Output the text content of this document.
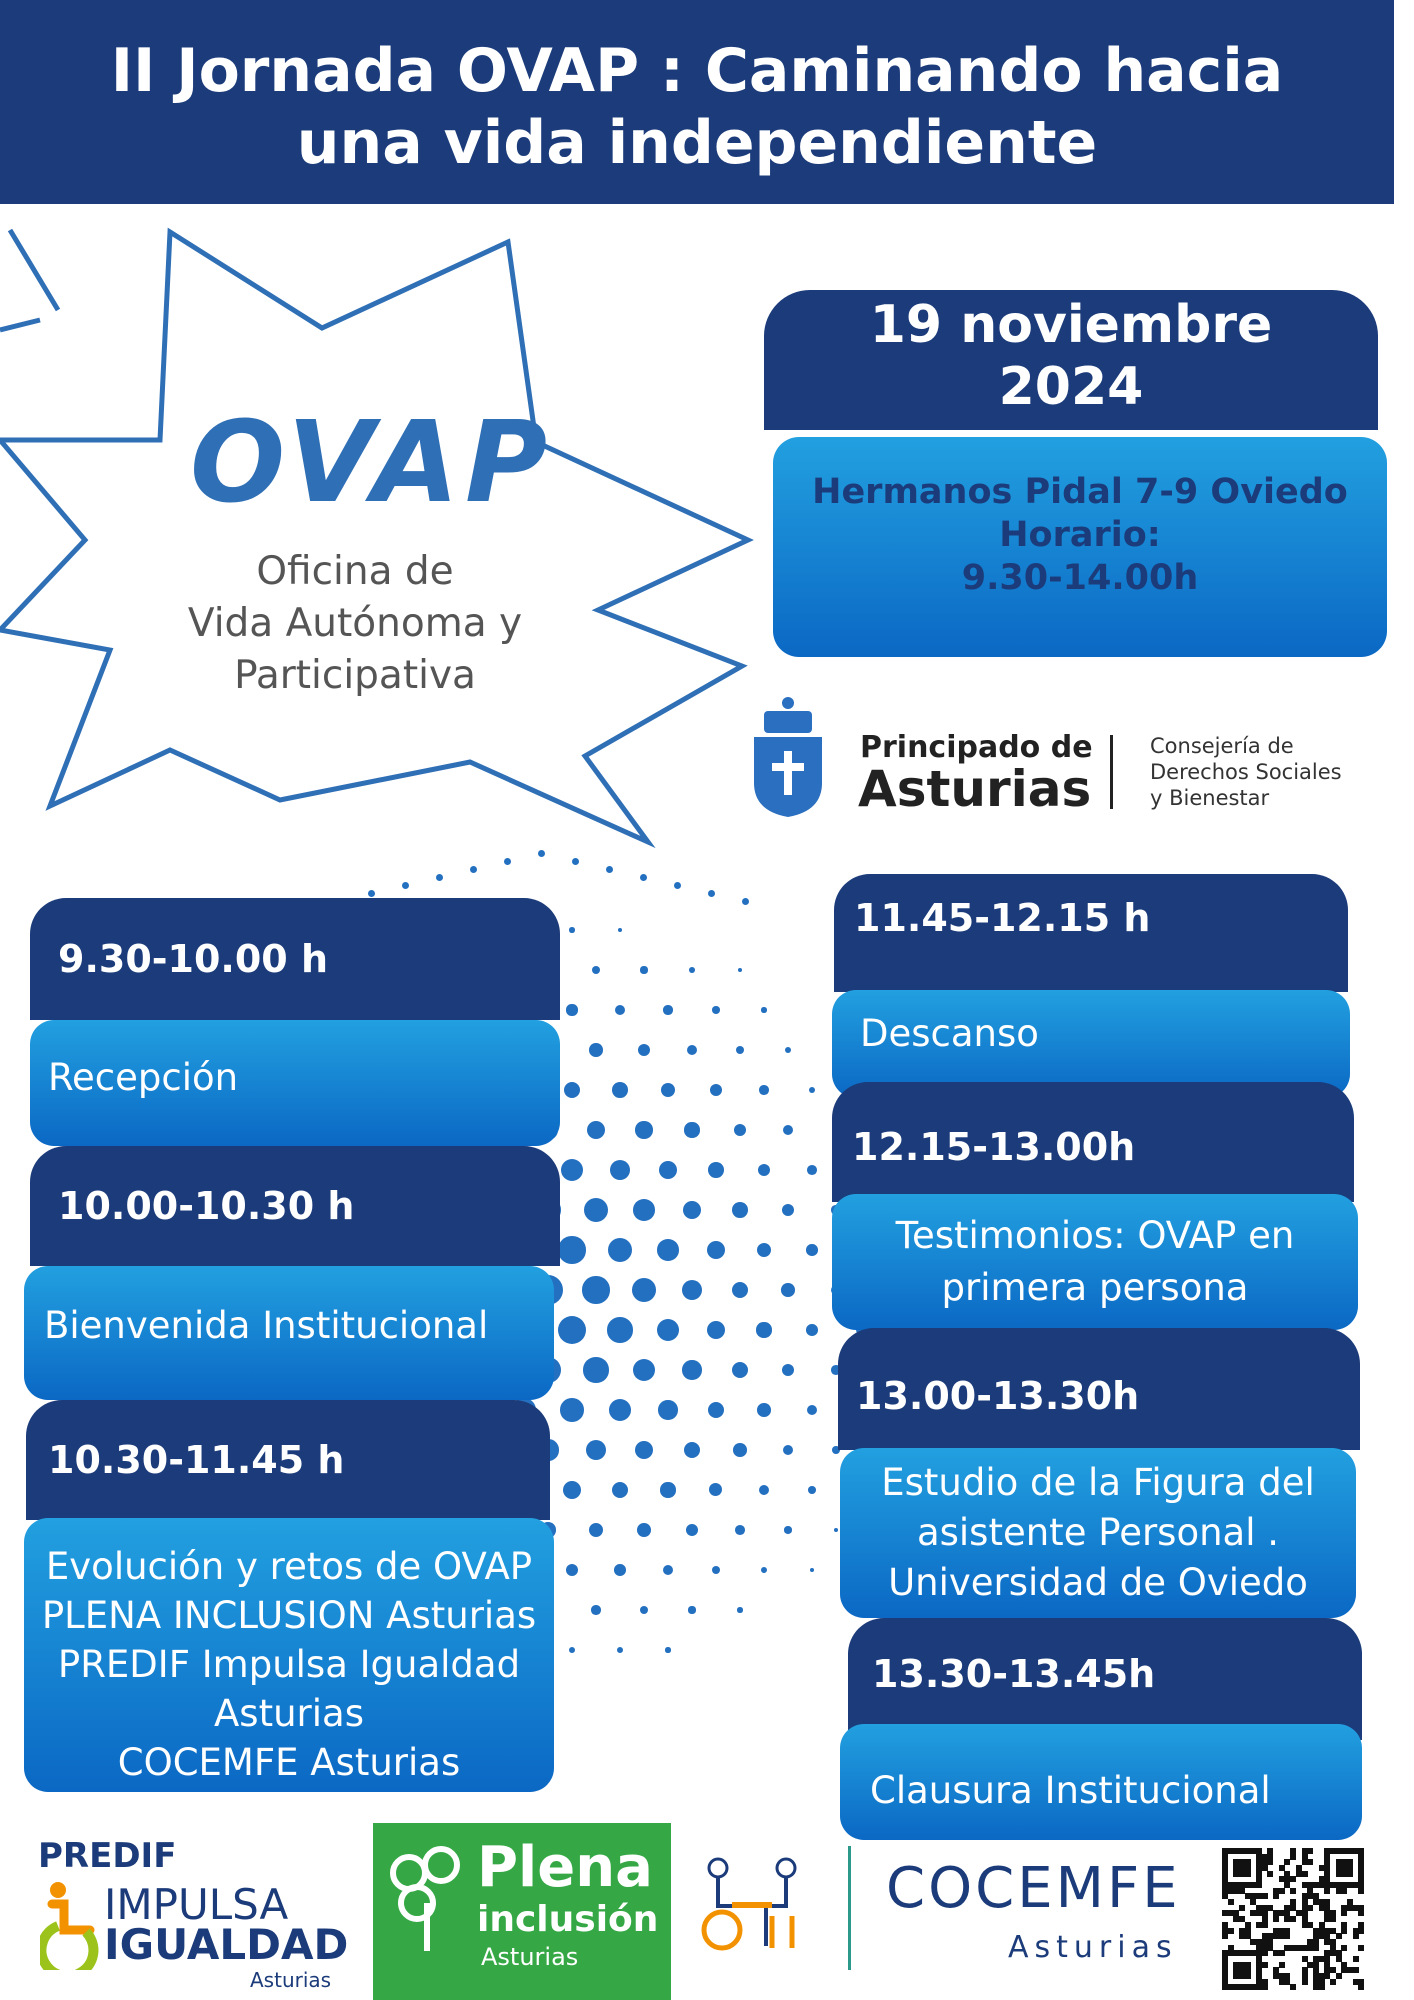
II Jornada OVAP : Caminando hacia
una vida independiente
OVAP
Oficina de
Vida Autónoma y
Participativa
19 noviembre
2024
Hermanos Pidal 7-9 Oviedo
Horario:
9.30-14.00h
Principado de
Asturias
Consejería de
Derechos Sociales
y Bienestar
9.30-10.00 h
Recepción
10.00-10.30 h
Bienvenida Institucional
10.30-11.45 h
Evolución y retos de OVAP
PLENA INCLUSION Asturias
PREDIF Impulsa Igualdad
Asturias
COCEMFE Asturias
11.45-12.15 h
Descanso
12.15-13.00h
Testimonios: OVAP en
primera persona
13.00-13.30h
Estudio de la Figura del
asistente Personal .
Universidad de Oviedo
13.30-13.45h
Clausura Institucional
PREDIF
IMPULSA
IGUALDAD
Asturias
Plena
inclusión
Asturias
COCEMFE
Asturias
